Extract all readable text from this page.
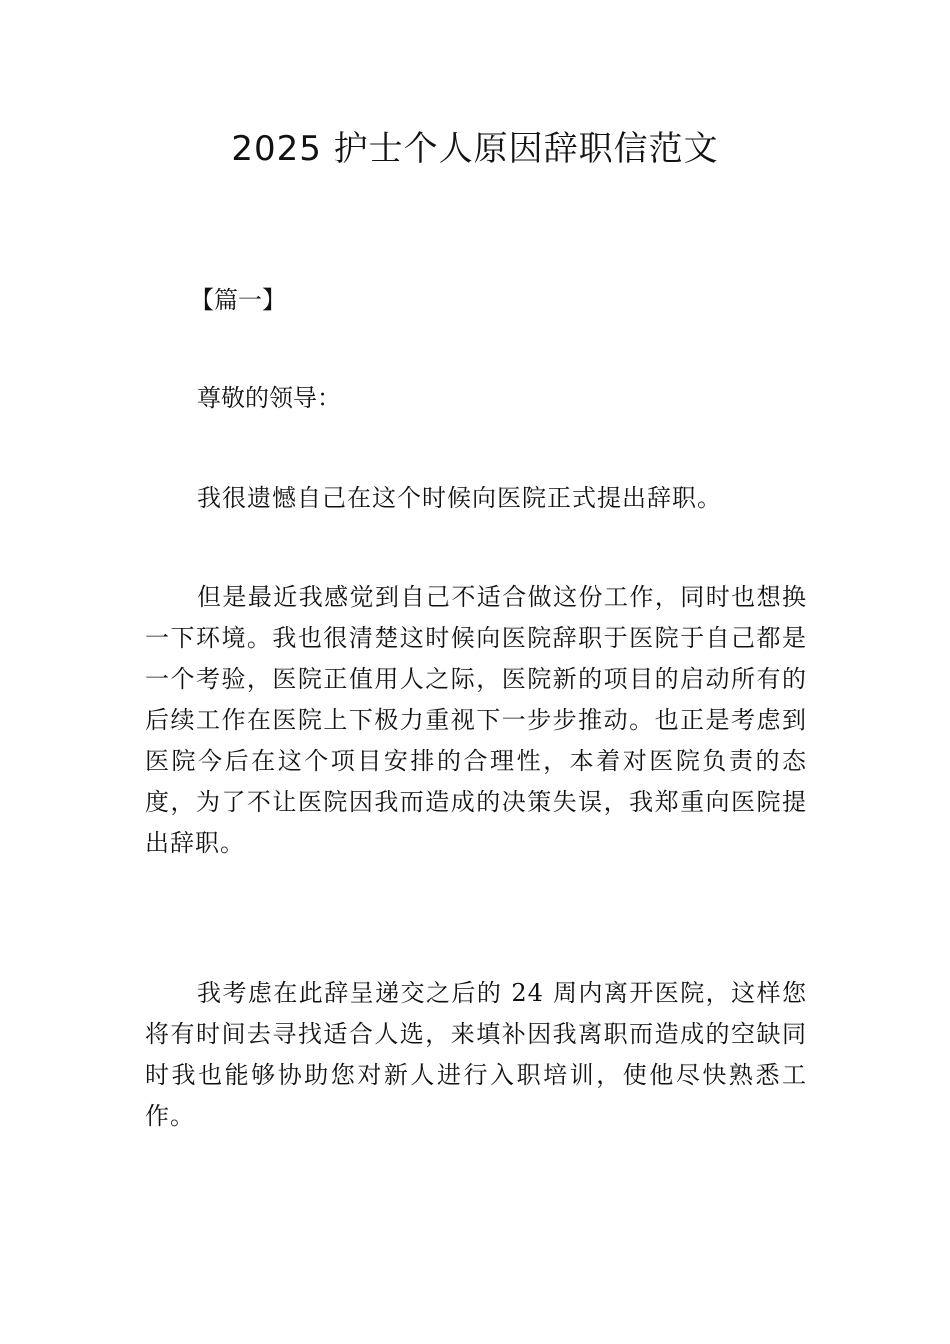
2025 护士个人原因辞职信范文
【篇一】
尊敬的领导：
我很遗憾自己在这个时候向医院正式提出辞职。
但是最近我感觉到自己不适合做这份工作，同时也想换一下环境。我也很清楚这时候向医院辞职于医院于自己都是一个考验，医院正值用人之际，医院新的项目的启动所有的后续工作在医院上下极力重视下一步步推动。也正是考虑到医院今后在这个项目安排的合理性，本着对医院负责的态度，为了不让医院因我而造成的决策失误，我郑重向医院提出辞职。
我考虑在此辞呈递交之后的 24 周内离开医院，这样您将有时间去寻找适合人选，来填补因我离职而造成的空缺同时我也能够协助您对新人进行入职培训，使他尽快熟悉工作。
